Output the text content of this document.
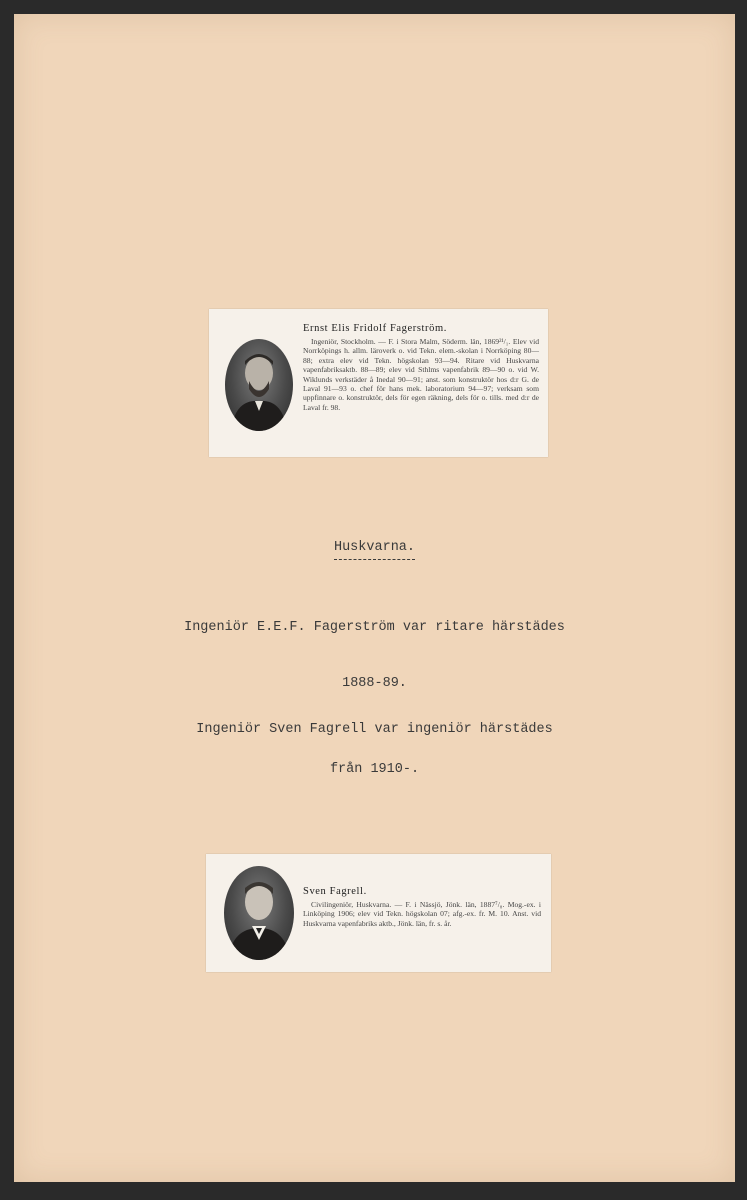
Ernst Elis Fridolf Fagerström.
Ingeniör, Stockholm. — F. i Stora Malm, Söderm. län, 1869²¹/₁. Elev vid Norrköpings h. allm. läroverk o. vid Tekn. elem.-skolan i Norrköping 80—88; extra elev vid Tekn. högskolan 93—94. Ritare vid Huskvarna vapenfabriksaktb. 88—89; elev vid Sthlms vapenfabrik 89—90 o. vid W. Wiklunds verkstäder å Inedal 90—91; anst. som konstruktör hos d:r G. de Laval 91—93 o. chef för hans mek. laboratorium 94—97; verksam som uppfinnare o. konstruktör, dels för egen räkning, dels för o. tills. med d:r de Laval fr. 98.
Huskvarna.
Ingeniör E.E.F. Fagerström var ritare härstädes
1888-89.
Ingeniör Sven Fagrell var ingeniör härstädes
från 1910-.
Sven Fagrell.
Civilingeniör, Huskvarna. — F. i Nässjö, Jönk. län, 1887⁷/₈. Mog.-ex. i Linköping 1906; elev vid Tekn. högskolan 07; afg.-ex. fr. M. 10. Anst. vid Huskvarna vapenfabriks aktb., Jönk. län, fr. s. år.
